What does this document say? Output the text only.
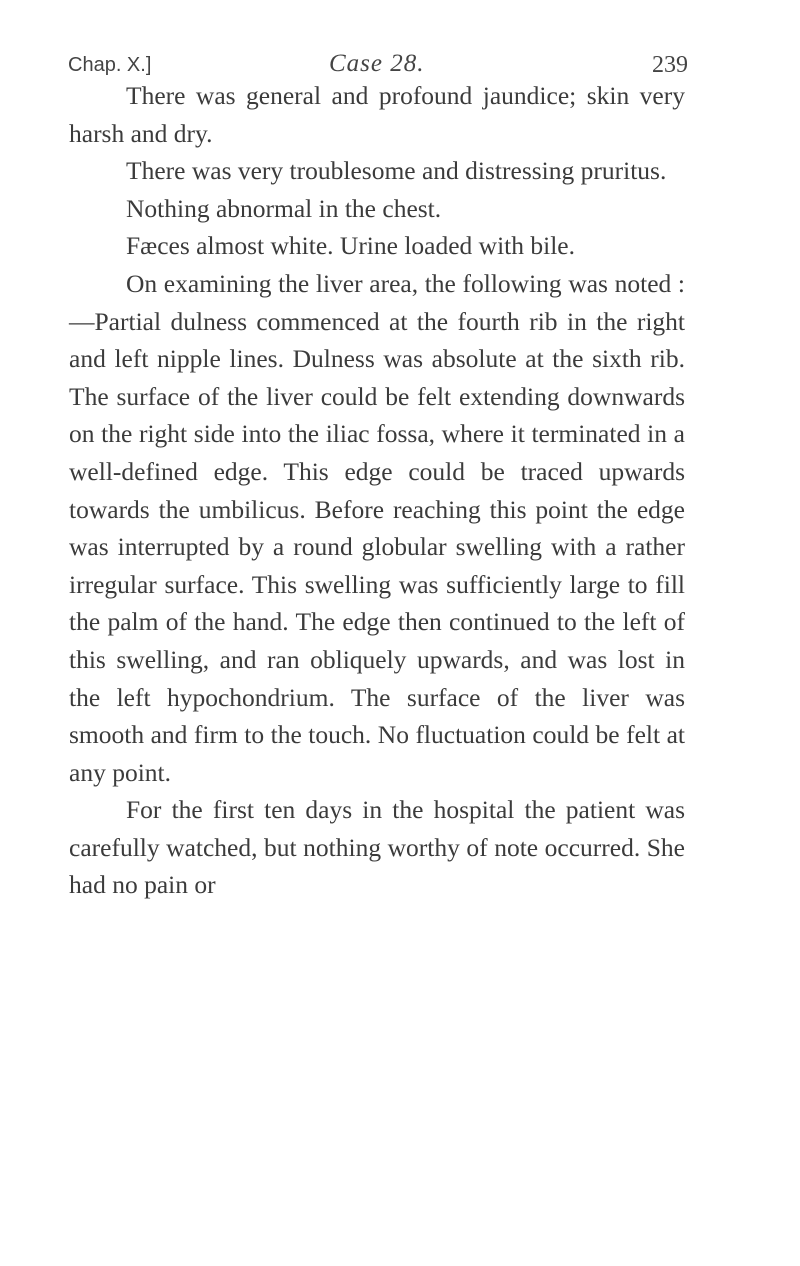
Chap. X.]	Case 28.	239

There was general and profound jaundice; skin very harsh and dry.

There was very troublesome and distressing pruritus.

Nothing abnormal in the chest.

Fæces almost white. Urine loaded with bile.

On examining the liver area, the following was noted :—Partial dulness commenced at the fourth rib in the right and left nipple lines. Dulness was absolute at the sixth rib. The surface of the liver could be felt extending downwards on the right side into the iliac fossa, where it terminated in a well-defined edge. This edge could be traced upwards towards the umbilicus. Before reaching this point the edge was interrupted by a round globular swelling with a rather irregular surface. This swelling was sufficiently large to fill the palm of the hand. The edge then continued to the left of this swelling, and ran obliquely upwards, and was lost in the left hypochondrium. The surface of the liver was smooth and firm to the touch. No fluctuation could be felt at any point.

For the first ten days in the hospital the patient was carefully watched, but nothing worthy of note occurred. She had no pain or
